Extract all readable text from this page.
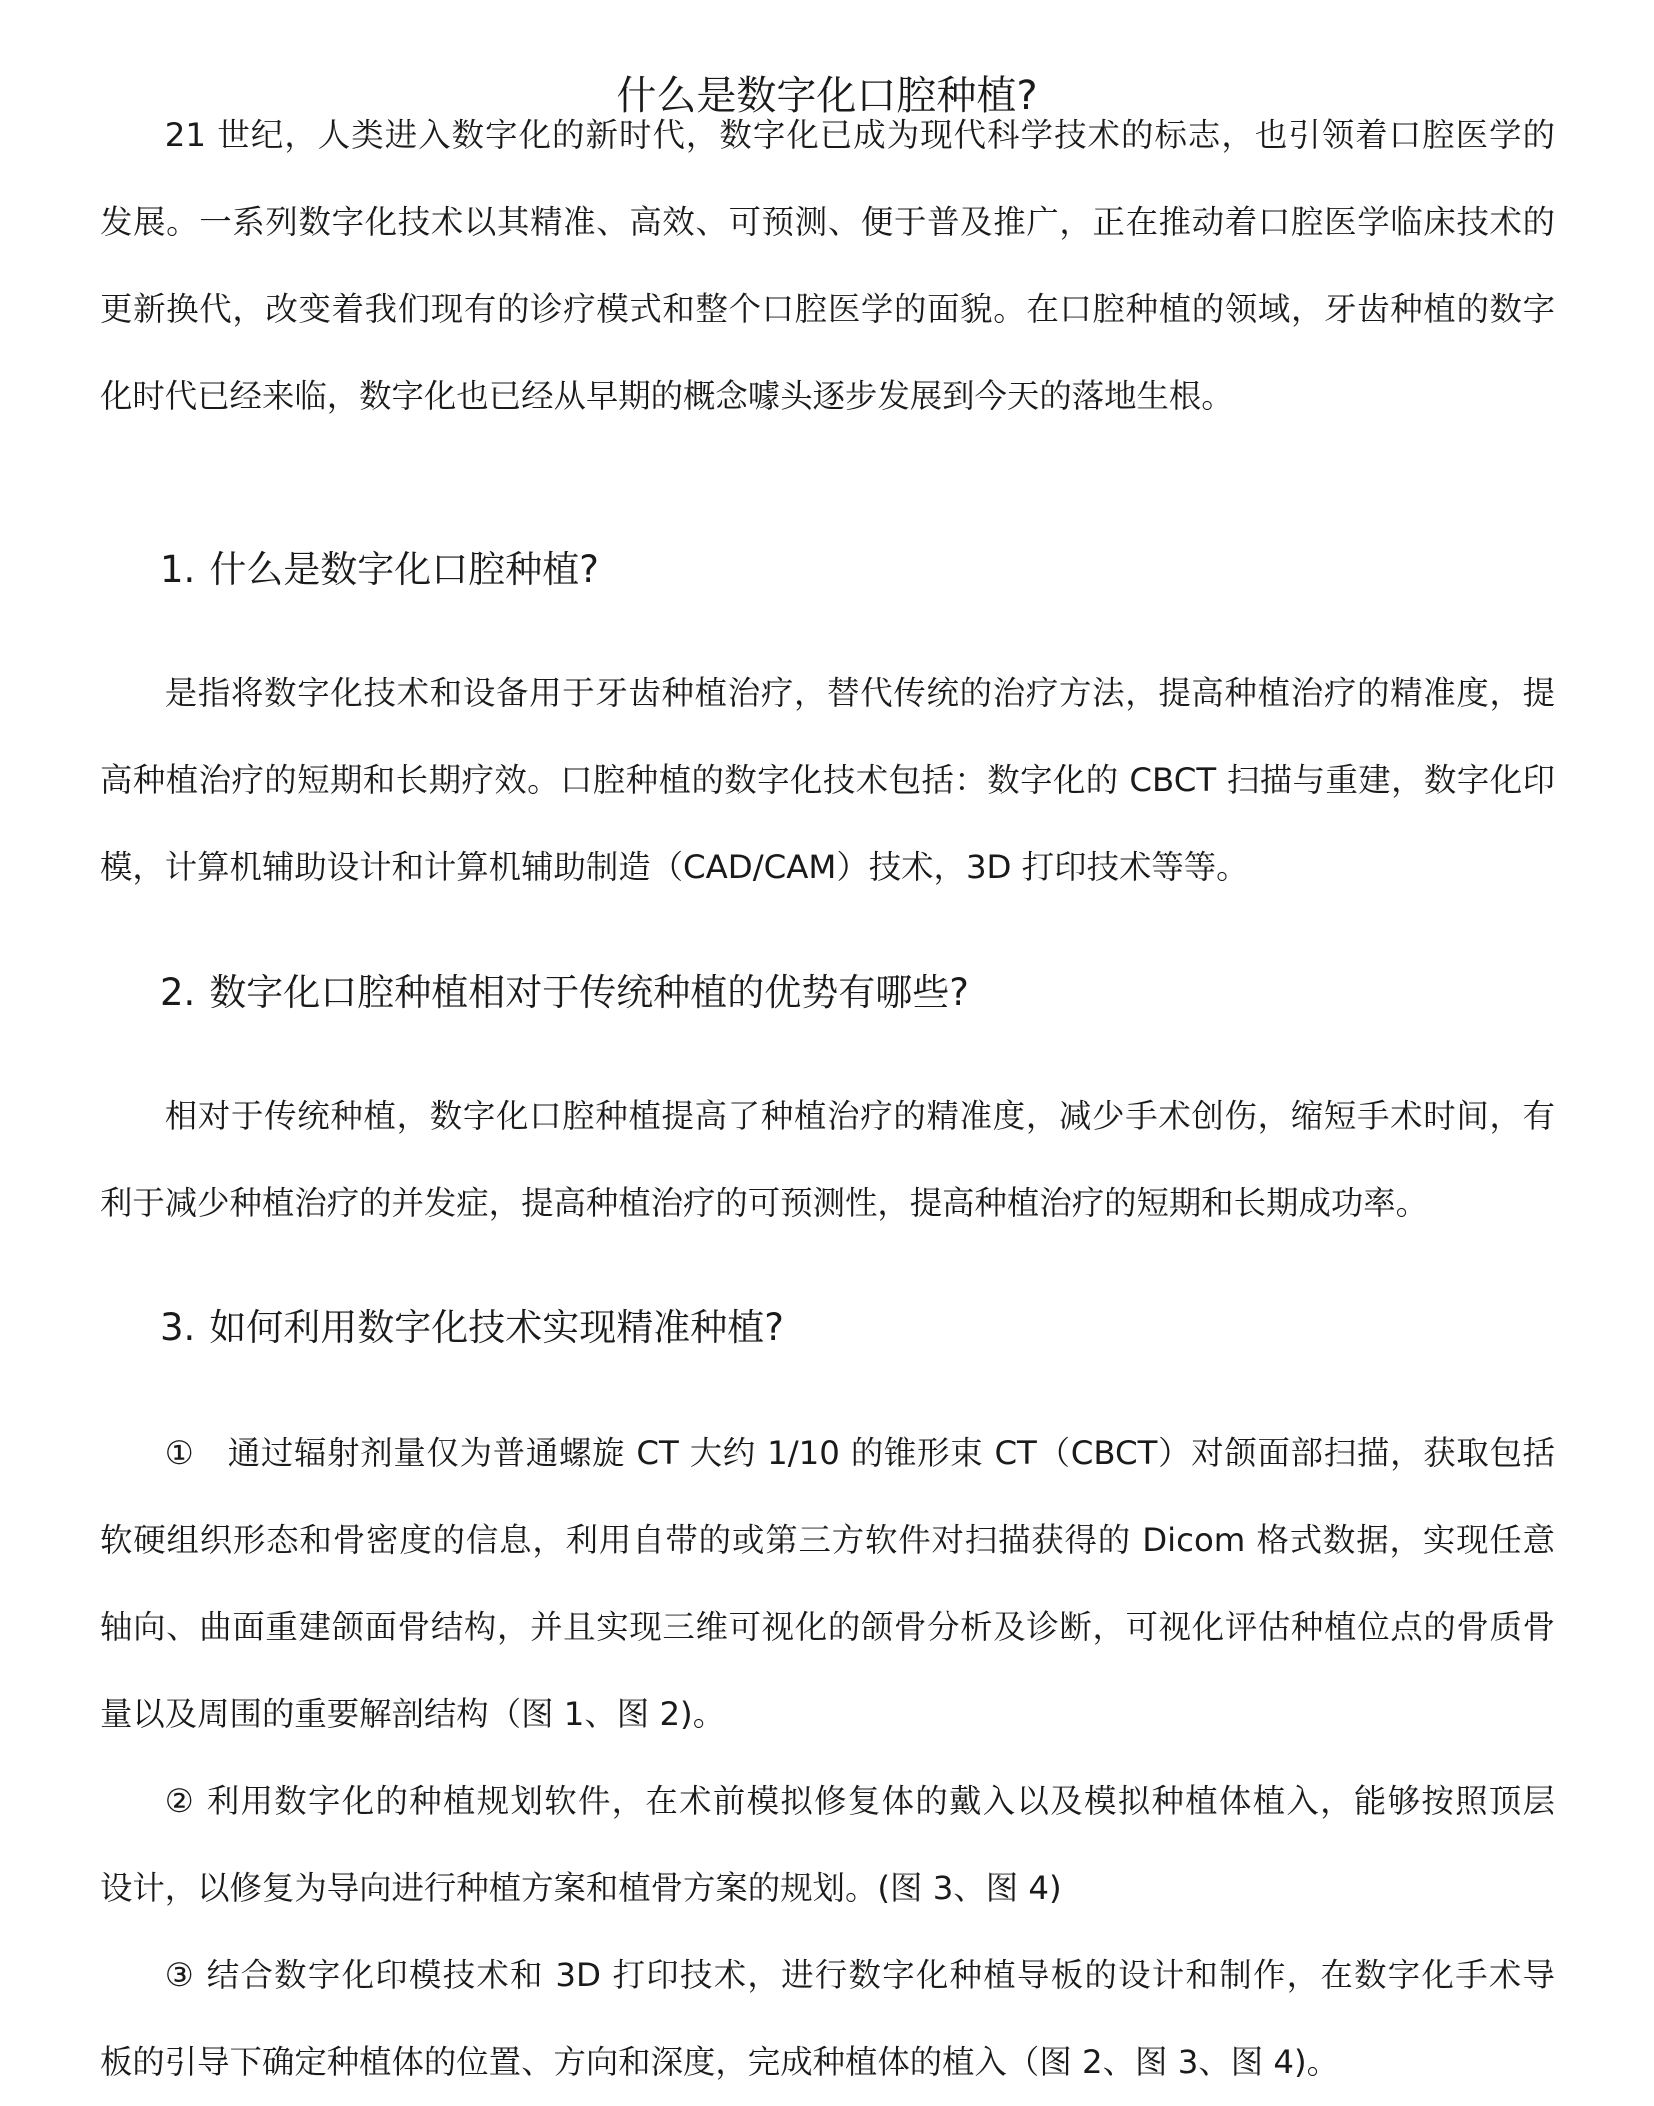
什么是数字化口腔种植?

21 世纪，人类进入数字化的新时代，数字化已成为现代科学技术的标志，也引领着口腔医学的
发展。一系列数字化技术以其精准、高效、可预测、便于普及推广，正在推动着口腔医学临床技术的
更新换代，改变着我们现有的诊疗模式和整个口腔医学的面貌。在口腔种植的领域，牙齿种植的数字
化时代已经来临，数字化也已经从早期的概念噱头逐步发展到今天的落地生根。

1. 什么是数字化口腔种植?

是指将数字化技术和设备用于牙齿种植治疗，替代传统的治疗方法，提高种植治疗的精准度，提
高种植治疗的短期和长期疗效。口腔种植的数字化技术包括：数字化的 CBCT 扫描与重建，数字化印
模，计算机辅助设计和计算机辅助制造（CAD/CAM）技术，3D 打印技术等等。

2. 数字化口腔种植相对于传统种植的优势有哪些?

相对于传统种植，数字化口腔种植提高了种植治疗的精准度，减少手术创伤，缩短手术时间，有
利于减少种植治疗的并发症，提高种植治疗的可预测性，提高种植治疗的短期和长期成功率。

3. 如何利用数字化技术实现精准种植?

①　通过辐射剂量仅为普通螺旋 CT 大约 1/10 的锥形束 CT（CBCT）对颌面部扫描，获取包括
软硬组织形态和骨密度的信息，利用自带的或第三方软件对扫描获得的 Dicom 格式数据，实现任意
轴向、曲面重建颌面骨结构，并且实现三维可视化的颌骨分析及诊断，可视化评估种植位点的骨质骨
量以及周围的重要解剖结构（图 1、图 2)。

② 利用数字化的种植规划软件，在术前模拟修复体的戴入以及模拟种植体植入，能够按照顶层
设计，以修复为导向进行种植方案和植骨方案的规划。(图 3、图 4)

③ 结合数字化印模技术和 3D 打印技术，进行数字化种植导板的设计和制作，在数字化手术导
板的引导下确定种植体的位置、方向和深度，完成种植体的植入（图 2、图 3、图 4)。
